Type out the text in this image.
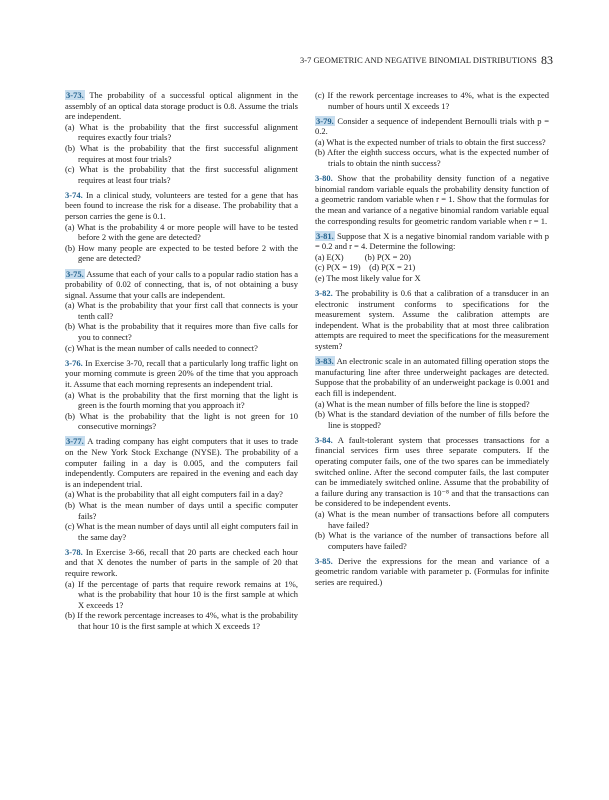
3-7 GEOMETRIC AND NEGATIVE BINOMIAL DISTRIBUTIONS 83

3-73. The probability of a successful optical alignment in the assembly of an optical data storage product is 0.8. Assume the trials are independent.

(a) What is the probability that the first successful alignment requires exactly four trials?

(b) What is the probability that the first successful alignment requires at most four trials?

(c) What is the probability that the first successful alignment requires at least four trials?

3-74. In a clinical study, volunteers are tested for a gene that has been found to increase the risk for a disease. The probability that a person carries the gene is 0.1.

(a) What is the probability 4 or more people will have to be tested before 2 with the gene are detected?

(b) How many people are expected to be tested before 2 with the gene are detected?

3-75. Assume that each of your calls to a popular radio station has a probability of 0.02 of connecting, that is, of not obtaining a busy signal. Assume that your calls are independent.

(a) What is the probability that your first call that connects is your tenth call?

(b) What is the probability that it requires more than five calls for you to connect?

(c) What is the mean number of calls needed to connect?

3-76. In Exercise 3-70, recall that a particularly long traffic light on your morning commute is green 20% of the time that you approach it. Assume that each morning represents an independent trial.

(a) What is the probability that the first morning that the light is green is the fourth morning that you approach it?

(b) What is the probability that the light is not green for 10 consecutive mornings?

3-77. A trading company has eight computers that it uses to trade on the New York Stock Exchange (NYSE). The probability of a computer failing in a day is 0.005, and the computers fail independently. Computers are repaired in the evening and each day is an independent trial.

(a) What is the probability that all eight computers fail in a day?

(b) What is the mean number of days until a specific computer fails?

(c) What is the mean number of days until all eight computers fail in the same day?

3-78. In Exercise 3-66, recall that 20 parts are checked each hour and that X denotes the number of parts in the sample of 20 that require rework.

(a) If the percentage of parts that require rework remains at 1%, what is the probability that hour 10 is the first sample at which X exceeds 1?

(b) If the rework percentage increases to 4%, what is the probability that hour 10 is the first sample at which X exceeds 1?

(c) If the rework percentage increases to 4%, what is the expected number of hours until X exceeds 1?

3-79. Consider a sequence of independent Bernoulli trials with p = 0.2.

(a) What is the expected number of trials to obtain the first success?

(b) After the eighth success occurs, what is the expected number of trials to obtain the ninth success?

3-80. Show that the probability density function of a negative binomial random variable equals the probability density function of a geometric random variable when r = 1. Show that the formulas for the mean and variance of a negative binomial random variable equal the corresponding results for geometric random variable when r = 1.

3-81. Suppose that X is a negative binomial random variable with p = 0.2 and r = 4. Determine the following:

(a) E(X)          (b) P(X = 20)

(c) P(X = 19)    (d) P(X = 21)

(e) The most likely value for X

3-82. The probability is 0.6 that a calibration of a transducer in an electronic instrument conforms to specifications for the measurement system. Assume the calibration attempts are independent. What is the probability that at most three calibration attempts are required to meet the specifications for the measurement system?

3-83. An electronic scale in an automated filling operation stops the manufacturing line after three underweight packages are detected. Suppose that the probability of an underweight package is 0.001 and each fill is independent.

(a) What is the mean number of fills before the line is stopped?

(b) What is the standard deviation of the number of fills before the line is stopped?

3-84. A fault-tolerant system that processes transactions for a financial services firm uses three separate computers. If the operating computer fails, one of the two spares can be immediately switched online. After the second computer fails, the last computer can be immediately switched online. Assume that the probability of a failure during any transaction is 10⁻⁸ and that the transactions can be considered to be independent events.

(a) What is the mean number of transactions before all computers have failed?

(b) What is the variance of the number of transactions before all computers have failed?

3-85. Derive the expressions for the mean and variance of a geometric random variable with parameter p. (Formulas for infinite series are required.)
